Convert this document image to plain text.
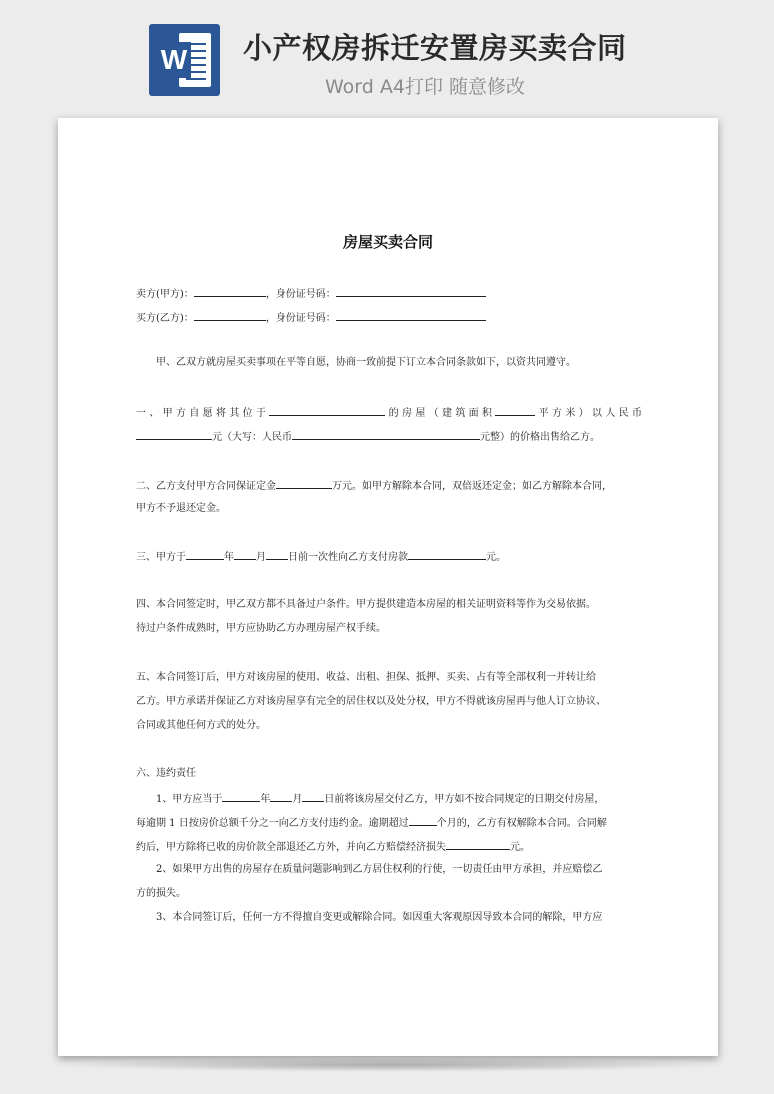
W 小产权房拆迁安置房买卖合同
Word A4打印 随意修改
房屋买卖合同
卖方(甲方)：	，身份证号码：
买方(乙方)：	，身份证号码：
甲、乙双方就房屋买卖事项在平等自愿，协商一致前提下订立本合同条款如下，以资共同遵守。
一、甲方自愿将其位于	的房屋（建筑面积	平方米）以人民币
元（大写：人民币	元整）的价格出售给乙方。
二、乙方支付甲方合同保证定金	万元。如甲方解除本合同，双倍返还定金；如乙方解除本合同，
甲方不予退还定金。
三、甲方于	年 月 日前一次性向乙方支付房款	元。
四、本合同签定时，甲乙双方都不具备过户条件。甲方提供建造本房屋的相关证明资料等作为交易依据。
待过户条件成熟时，甲方应协助乙方办理房屋产权手续。
五、本合同签订后，甲方对该房屋的使用、收益、出租、担保、抵押、买卖、占有等全部权利一并转让给
乙方。甲方承诺并保证乙方对该房屋享有完全的居住权以及处分权，甲方不得就该房屋再与他人订立协议、
合同或其他任何方式的处分。
六、违约责任
1、甲方应当于	年 月 日前将该房屋交付乙方，甲方如不按合同规定的日期交付房屋，
每逾期 1 日按房价总额千分之一向乙方支付违约金。逾期超过	个月的，乙方有权解除本合同。合同解
约后，甲方除将已收的房价款全部退还乙方外，并向乙方赔偿经济损失	元。
2、如果甲方出售的房屋存在质量问题影响到乙方居住权利的行使，一切责任由甲方承担，并应赔偿乙
方的损失。
3、本合同签订后，任何一方不得擅自变更或解除合同。如因重大客观原因导致本合同的解除，甲方应
